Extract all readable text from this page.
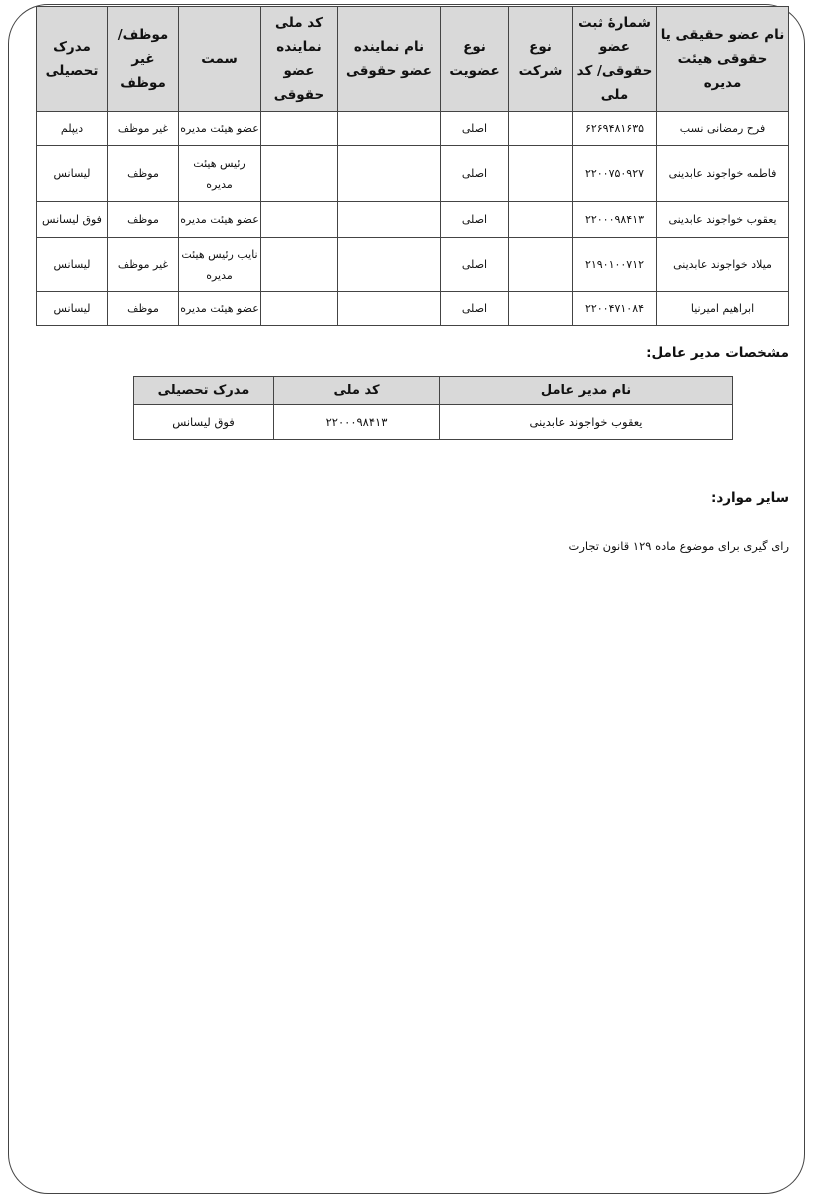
نام عضو حقیقی یا حقوقی هیئت مدیره	شمارهٔ ثبت عضو حقوقی/ کد ملی	نوع شرکت	نوع عضویت	نام نماینده عضو حقوقی	کد ملی نماینده عضو حقوقی	سمت	موظف/غیر موظف	مدرک تحصیلی
فرح رمضانی نسب	۶۲۶۹۴۸۱۶۳۵		اصلی			عضو هیئت مدیره	غیر موظف	دیپلم
فاطمه خواجوند عابدینی	۲۲۰۰۷۵۰۹۲۷		اصلی			رئیس هیئت مدیره	موظف	لیسانس
یعقوب خواجوند عابدینی	۲۲۰۰۰۹۸۴۱۳		اصلی			عضو هیئت مدیره	موظف	فوق لیسانس
میلاد خواجوند عابدینی	۲۱۹۰۱۰۰۷۱۲		اصلی			نایب رئیس هیئت مدیره	غیر موظف	لیسانس
ابراهیم امیرنیا	۲۲۰۰۴۷۱۰۸۴		اصلی			عضو هیئت مدیره	موظف	لیسانس
مشخصات مدیر عامل:
نام مدیر عامل	کد ملی	مدرک تحصیلی
یعقوب خواجوند عابدینی	۲۲۰۰۰۹۸۴۱۳	فوق لیسانس
سایر موارد:

رای گیری برای موضوع ماده ۱۲۹ قانون تجارت
